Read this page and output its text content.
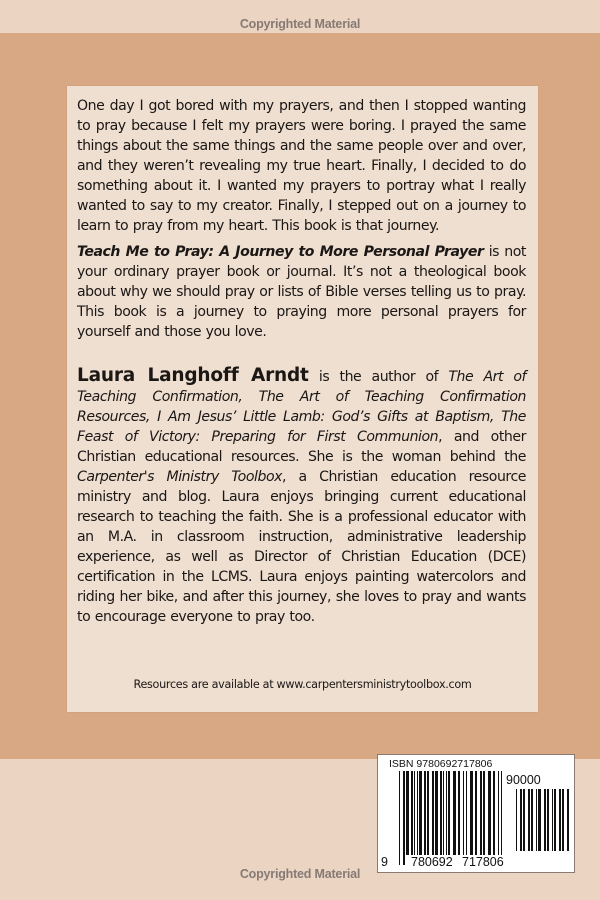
Copyrighted Material

One day I got bored with my prayers, and then I stopped wanting to pray because I felt my prayers were boring. I prayed the same things about the same things and the same people over and over, and they weren’t revealing my true heart. Finally, I decided to do something about it. I wanted my prayers to portray what I really wanted to say to my creator. Finally, I stepped out on a journey to learn to pray from my heart. This book is that journey.

Teach Me to Pray: A Journey to More Personal Prayer is not your ordinary prayer book or journal. It’s not a theological book about why we should pray or lists of Bible verses telling us to pray. This book is a journey to praying more personal prayers for yourself and those you love.

Laura Langhoff Arndt is the author of The Art of Teaching Confirmation, The Art of Teaching Confirmation Resources, I Am Jesus’ Little Lamb: God’s Gifts at Baptism, The Feast of Victory: Preparing for First Communion, and other Christian educational resources. She is the woman behind the Carpenter's Ministry Toolbox, a Christian education resource ministry and blog. Laura enjoys bringing current educational research to teaching the faith. She is a professional educator with an M.A. in classroom instruction, administrative leadership experience, as well as Director of Christian Education (DCE) certification in the LCMS. Laura enjoys painting watercolors and riding her bike, and after this journey, she loves to pray and wants to encourage everyone to pray too.

Resources are available at www.carpentersministrytoolbox.com
ISBN 9780692717806
90000
9 780692 717806
Copyrighted Material
